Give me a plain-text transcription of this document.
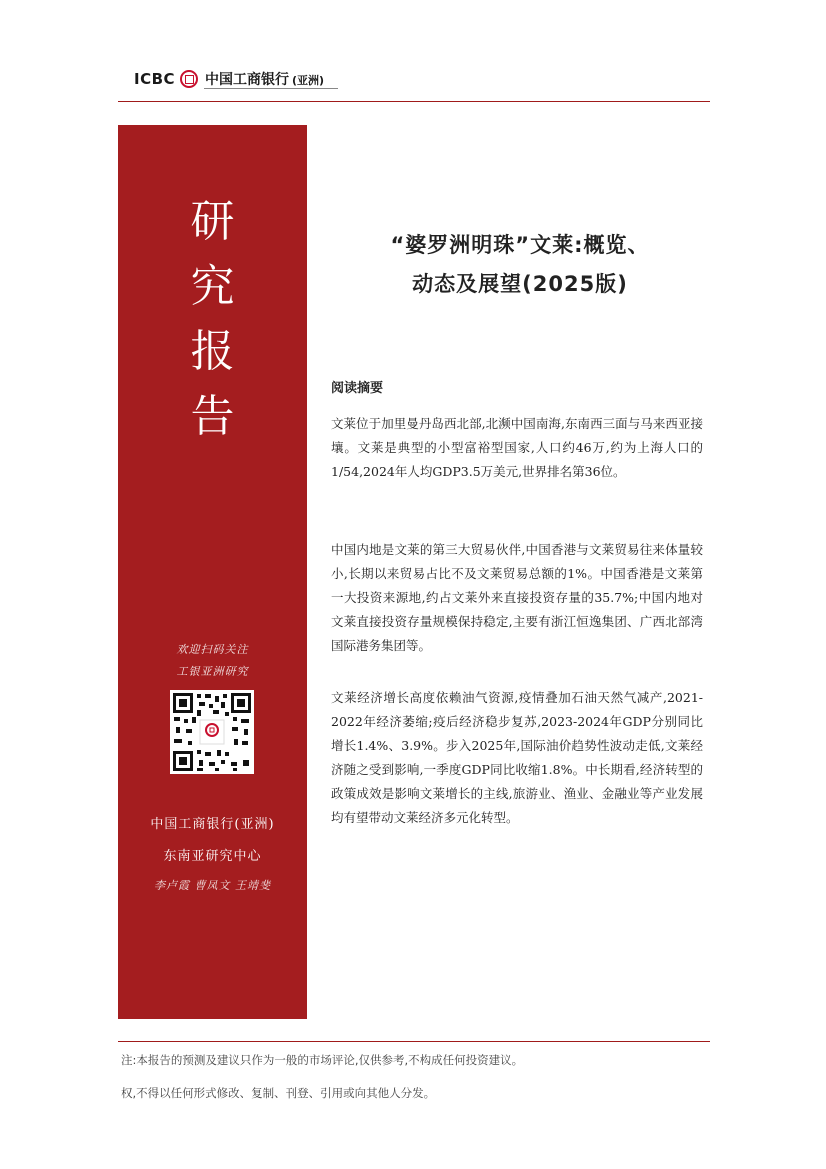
ICBC 中国工商银行 (亚洲)
研
究
报
告
欢迎扫码关注
工银亚洲研究
中国工商银行(亚洲)
东南亚研究中心
李卢霞 曹凤文 王靖斐
“婆罗洲明珠”文莱:概览、
动态及展望(2025版)
阅读摘要

文莱位于加里曼丹岛西北部,北濒中国南海,东南西三面与马来西亚接壤。文莱是典型的小型富裕型国家,人口约46万,约为上海人口的1/54,2024年人均GDP3.5万美元,世界排名第36位。

中国内地是文莱的第三大贸易伙伴,中国香港与文莱贸易往来体量较小,长期以来贸易占比不及文莱贸易总额的1%。中国香港是文莱第一大投资来源地,约占文莱外来直接投资存量的35.7%;中国内地对文莱直接投资存量规模保持稳定,主要有浙江恒逸集团、广西北部湾国际港务集团等。

文莱经济增长高度依赖油气资源,疫情叠加石油天然气减产,2021-2022年经济萎缩;疫后经济稳步复苏,2023-2024年GDP分别同比增长1.4%、3.9%。步入2025年,国际油价趋势性波动走低,文莱经济随之受到影响,一季度GDP同比收缩1.8%。中长期看,经济转型的政策成效是影响文莱增长的主线,旅游业、渔业、金融业等产业发展均有望带动文莱经济多元化转型。

注:本报告的预测及建议只作为一般的市场评论,仅供参考,不构成任何投资建议。
权,不得以任何形式修改、复制、刊登、引用或向其他人分发。
